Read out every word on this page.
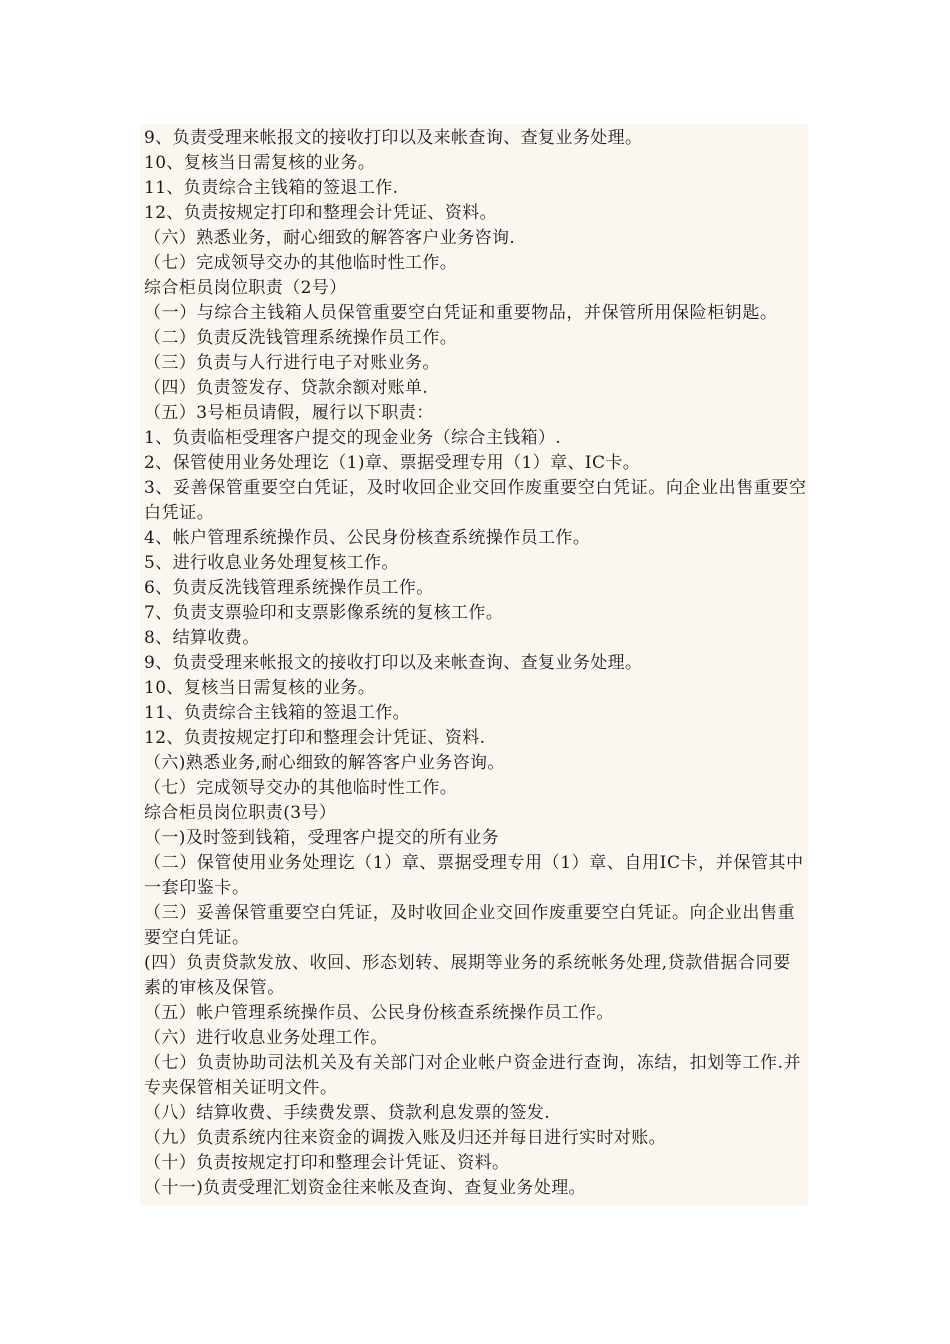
9、负责受理来帐报文的接收打印以及来帐查询、查复业务处理。
10、复核当日需复核的业务。
11、负责综合主钱箱的签退工作.
12、负责按规定打印和整理会计凭证、资料。
（六）熟悉业务，耐心细致的解答客户业务咨询.
（七）完成领导交办的其他临时性工作。
综合柜员岗位职责（2号）
（一）与综合主钱箱人员保管重要空白凭证和重要物品，并保管所用保险柜钥匙。
（二）负责反洗钱管理系统操作员工作。
（三）负责与人行进行电子对账业务。
（四）负责签发存、贷款余额对账单.
（五）3号柜员请假，履行以下职责：
1、负责临柜受理客户提交的现金业务（综合主钱箱）.
2、保管使用业务处理讫（1)章、票据受理专用（1）章、IC卡。
3、妥善保管重要空白凭证，及时收回企业交回作废重要空白凭证。向企业出售重要空白凭证。
4、帐户管理系统操作员、公民身份核查系统操作员工作。
5、进行收息业务处理复核工作。
6、负责反洗钱管理系统操作员工作。
7、负责支票验印和支票影像系统的复核工作。
8、结算收费。
9、负责受理来帐报文的接收打印以及来帐查询、查复业务处理。
10、复核当日需复核的业务。
11、负责综合主钱箱的签退工作。
12、负责按规定打印和整理会计凭证、资料.
（六)熟悉业务,耐心细致的解答客户业务咨询。
（七）完成领导交办的其他临时性工作。
综合柜员岗位职责(3号）
（一)及时签到钱箱，受理客户提交的所有业务
（二）保管使用业务处理讫（1）章、票据受理专用（1）章、自用IC卡，并保管其中一套印鉴卡。
（三）妥善保管重要空白凭证，及时收回企业交回作废重要空白凭证。向企业出售重要空白凭证。
(四）负责贷款发放、收回、形态划转、展期等业务的系统帐务处理,贷款借据合同要素的审核及保管。
（五）帐户管理系统操作员、公民身份核查系统操作员工作。
（六）进行收息业务处理工作。
（七）负责协助司法机关及有关部门对企业帐户资金进行查询，冻结，扣划等工作.并专夹保管相关证明文件。
（八）结算收费、手续费发票、贷款利息发票的签发.
（九）负责系统内往来资金的调拨入账及归还并每日进行实时对账。
（十）负责按规定打印和整理会计凭证、资料。
（十一)负责受理汇划资金往来帐及查询、查复业务处理。
